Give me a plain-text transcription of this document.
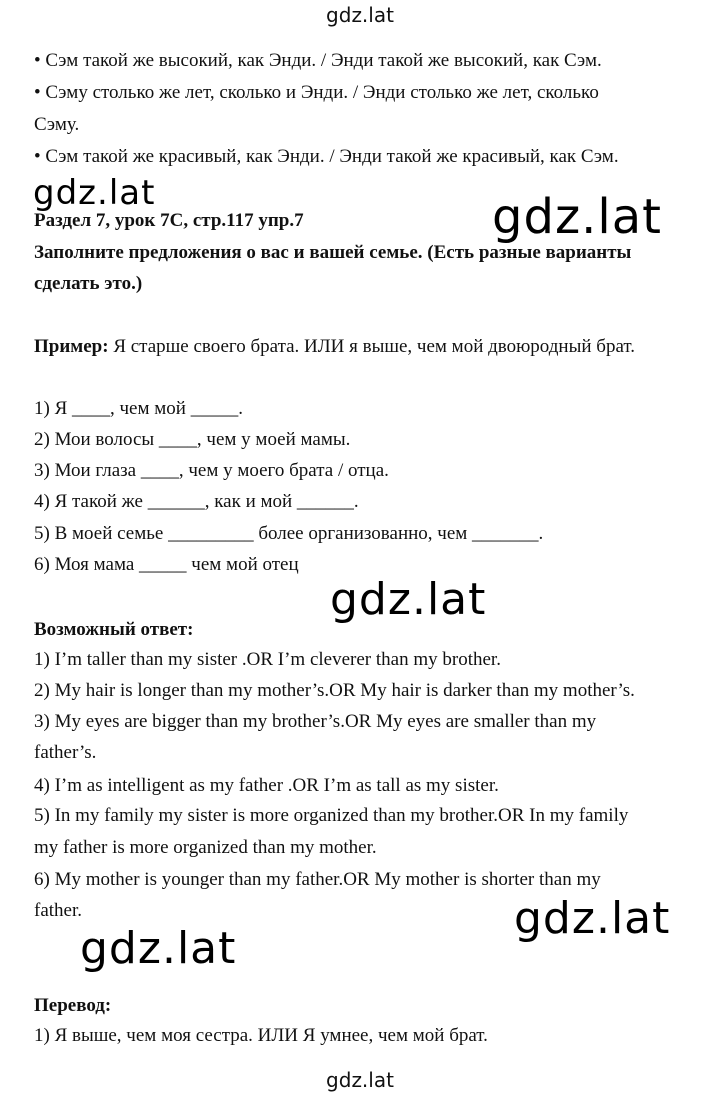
gdz.lat
• Сэм такой же высокий, как Энди. / Энди такой же высокий, как Сэм.
• Сэму столько же лет, сколько и Энди. / Энди столько же лет, сколько
Сэму.
• Сэм такой же красивый, как Энди. / Энди такой же красивый, как Сэм.
Раздел 7, урок 7C, стр.117 упр.7
Заполните предложения о вас и вашей семье. (Есть разные варианты
сделать это.)
Пример: Я старше своего брата. ИЛИ я выше, чем мой двоюродный брат.
1) Я ____, чем мой _____.
2) Мои волосы ____, чем у моей мамы.
3) Мои глаза ____, чем у моего брата / отца.
4) Я такой же ______, как и мой ______.
5) В моей семье _________ более организованно, чем _______.
6) Моя мама _____ чем мой отец
Возможный ответ:
1) I’m taller than my sister .OR I’m cleverer than my brother.
2) My hair is longer than my mother’s.OR My hair is darker than my mother’s.
3) My eyes are bigger than my brother’s.OR My eyes are smaller than my
father’s.
4) I’m as intelligent as my father .OR I’m as tall as my sister.
5) In my family my sister is more organized than my brother.OR In my family
my father is more organized than my mother.
6) My mother is younger than my father.OR My mother is shorter than my
father.
Перевод:
1) Я выше, чем моя сестра. ИЛИ Я умнее, чем мой брат.
gdz.lat	gdz.lat
gdz.lat
gdz.lat
gdz.lat
gdz.lat
